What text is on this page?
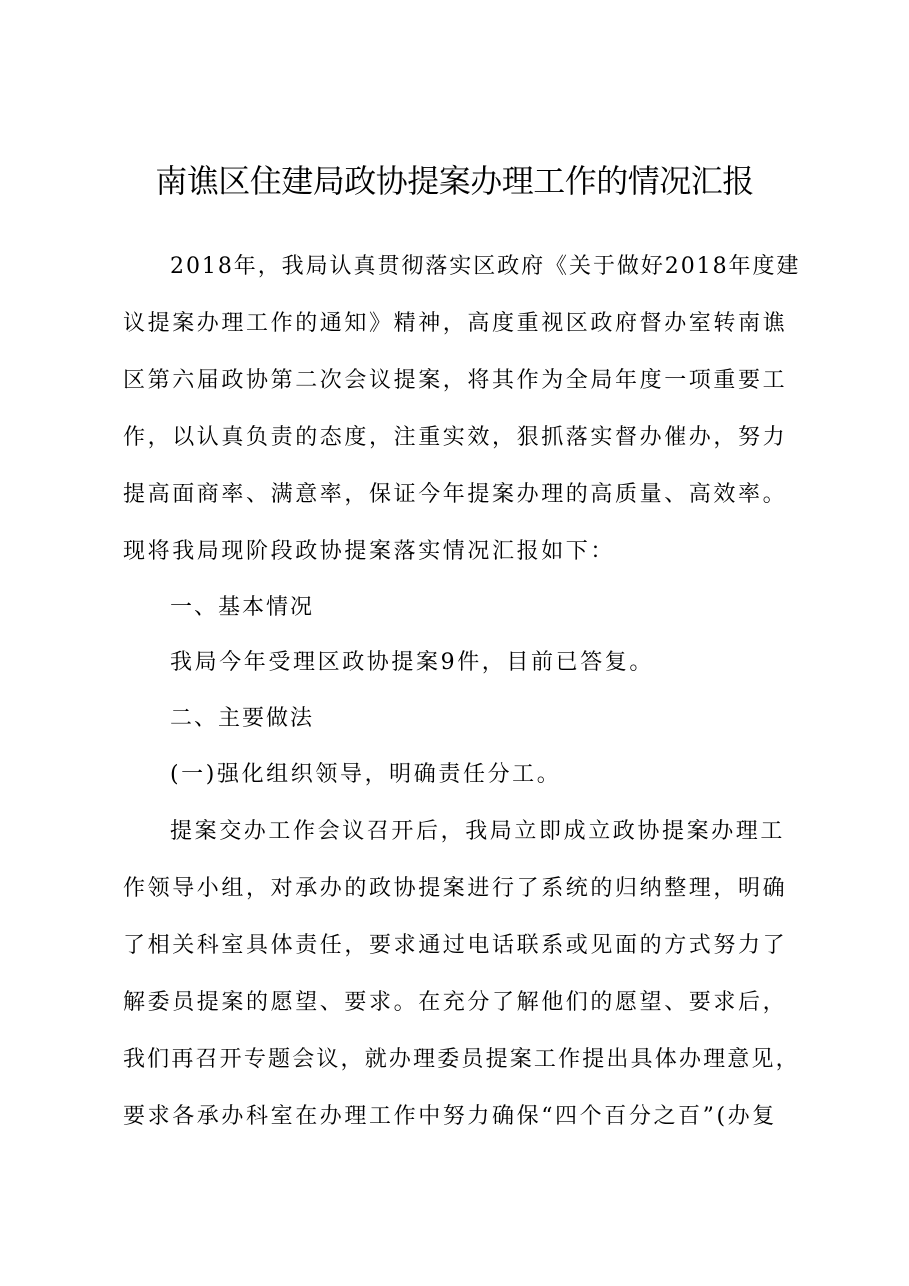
南谯区住建局政协提案办理工作的情况汇报
2018年，我局认真贯彻落实区政府《关于做好2018年度建
议提案办理工作的通知》精神，高度重视区政府督办室转南谯
区第六届政协第二次会议提案，将其作为全局年度一项重要工
作，以认真负责的态度，注重实效，狠抓落实督办催办，努力
提高面商率、满意率，保证今年提案办理的高质量、高效率。
现将我局现阶段政协提案落实情况汇报如下：
一、基本情况
我局今年受理区政协提案9件，目前已答复。
二、主要做法
(一)强化组织领导，明确责任分工。
提案交办工作会议召开后，我局立即成立政协提案办理工
作领导小组，对承办的政协提案进行了系统的归纳整理，明确
了相关科室具体责任，要求通过电话联系或见面的方式努力了
解委员提案的愿望、要求。在充分了解他们的愿望、要求后，
我们再召开专题会议，就办理委员提案工作提出具体办理意见，
要求各承办科室在办理工作中努力确保“四个百分之百”(办复
